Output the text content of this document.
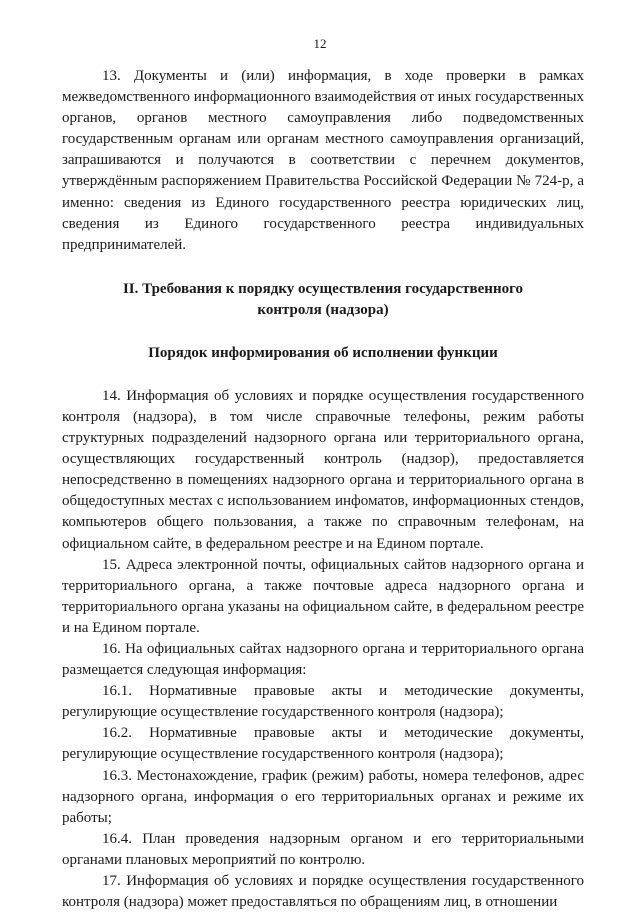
12

13. Документы и (или) информация, в ходе проверки в рамках межведомственного информационного взаимодействия от иных государственных органов, органов местного самоуправления либо подведомственных государственным органам или органам местного самоуправления организаций, запрашиваются и получаются в соответствии с перечнем документов, утверждённым распоряжением Правительства Российской Федерации № 724-р, а именно: сведения из Единого государственного реестра юридических лиц, сведения из Единого государственного реестра индивидуальных предпринимателей.

II. Требования к порядку осуществления государственного
контроля (надзора)
Порядок информирования об исполнении функции

14. Информация об условиях и порядке осуществления государственного контроля (надзора), в том числе справочные телефоны, режим работы структурных подразделений надзорного органа или территориального органа, осуществляющих государственный контроль (надзор), предоставляется непосредственно в помещениях надзорного органа и территориального органа в общедоступных местах с использованием инфоматов, информационных стендов, компьютеров общего пользования, а также по справочным телефонам, на официальном сайте, в федеральном реестре и на Едином портале.

15. Адреса электронной почты, официальных сайтов надзорного органа и территориального органа, а также почтовые адреса надзорного органа и территориального органа указаны на официальном сайте, в федеральном реестре и на Едином портале.

16. На официальных сайтах надзорного органа и территориального органа размещается следующая информация:

16.1. Нормативные правовые акты и методические документы, регулирующие осуществление государственного контроля (надзора);

16.2. Нормативные правовые акты и методические документы, регулирующие осуществление государственного контроля (надзора);

16.3. Местонахождение, график (режим) работы, номера телефонов, адрес надзорного органа, информация о его территориальных органах и режиме их работы;

16.4. План проведения надзорным органом и его территориальными органами плановых мероприятий по контролю.

17. Информация об условиях и порядке осуществления государственного контроля (надзора) может предоставляться по обращениям лиц, в отношении
